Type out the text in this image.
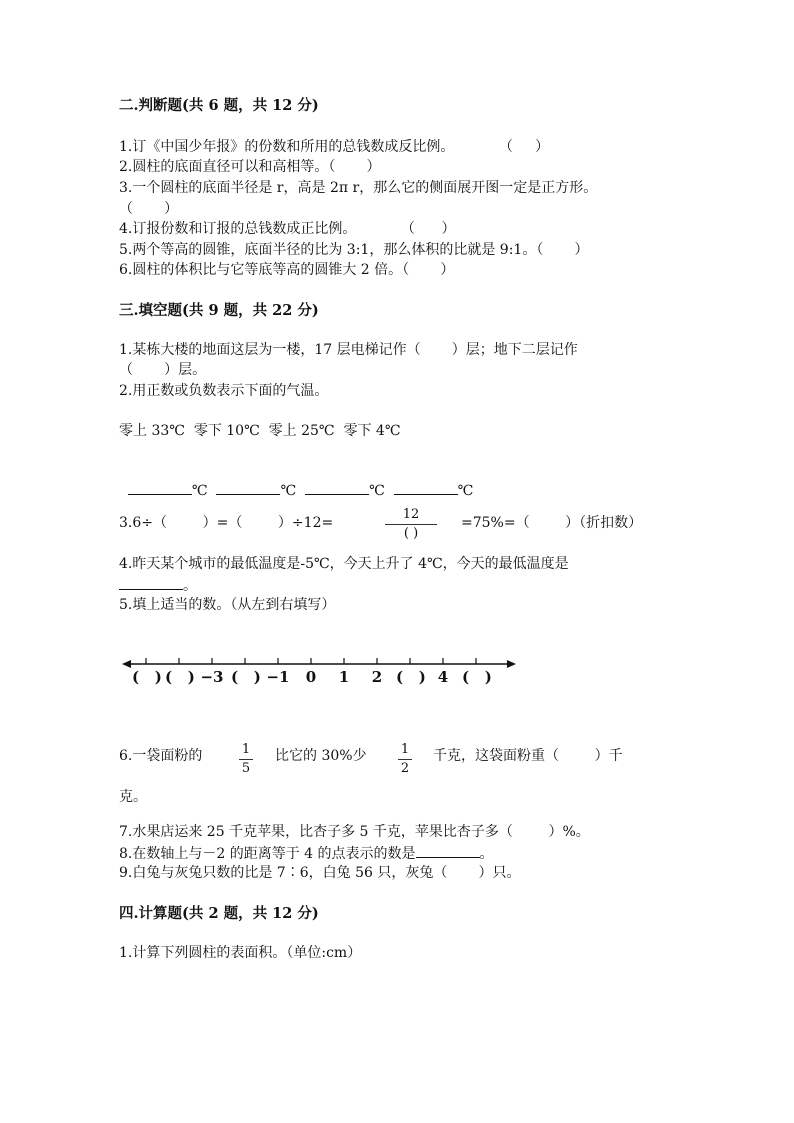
二.判断题(共 6 题，共 12 分)
1.订《中国少年报》的份数和所用的总钱数成反比例。          （     ）
2.圆柱的底面直径可以和高相等。（       ）
3.一个圆柱的底面半径是 r，高是 2π r，那么它的侧面展开图一定是正方形。
（       ）
4.订报份数和订报的总钱数成正比例。          （      ）
5.两个等高的圆锥，底面半径的比为 3:1，那么体积的比就是 9:1。（       ）
6.圆柱的体积比与它等底等高的圆锥大 2 倍。（       ）
三.填空题(共 9 题，共 22 分)
1.某栋大楼的地面这层为一楼，17 层电梯记作（       ）层；地下二层记作
（       ）层。
2.用正数或负数表示下面的气温。
零上 33℃  零下 10℃  零上 25℃  零下 4℃

℃	℃	℃	℃

3.6÷（        ）=（        ）÷12=
12
( )
=75%=（        ）（折扣数）
4.昨天某个城市的最低温度是-5℃，今天上升了 4℃，今天的最低温度是
。
5.填上适当的数。（从左到右填写）
(   ) (   ) −3 (   ) −1	0	1	2 (   ) 4 (   )
6.一袋面粉的	1
5
比它的 30%少	1
2
千克，这袋面粉重（        ）千
克。
7.水果店运来 25 千克苹果，比杏子多 5 千克，苹果比杏子多（        ）%。
8.在数轴上与－2 的距离等于 4 的点表示的数是	。
9.白兔与灰兔只数的比是 7∶6，白兔 56 只，灰兔（       ）只。
四.计算题(共 2 题，共 12 分)
1.计算下列圆柱的表面积。（单位:cm）
